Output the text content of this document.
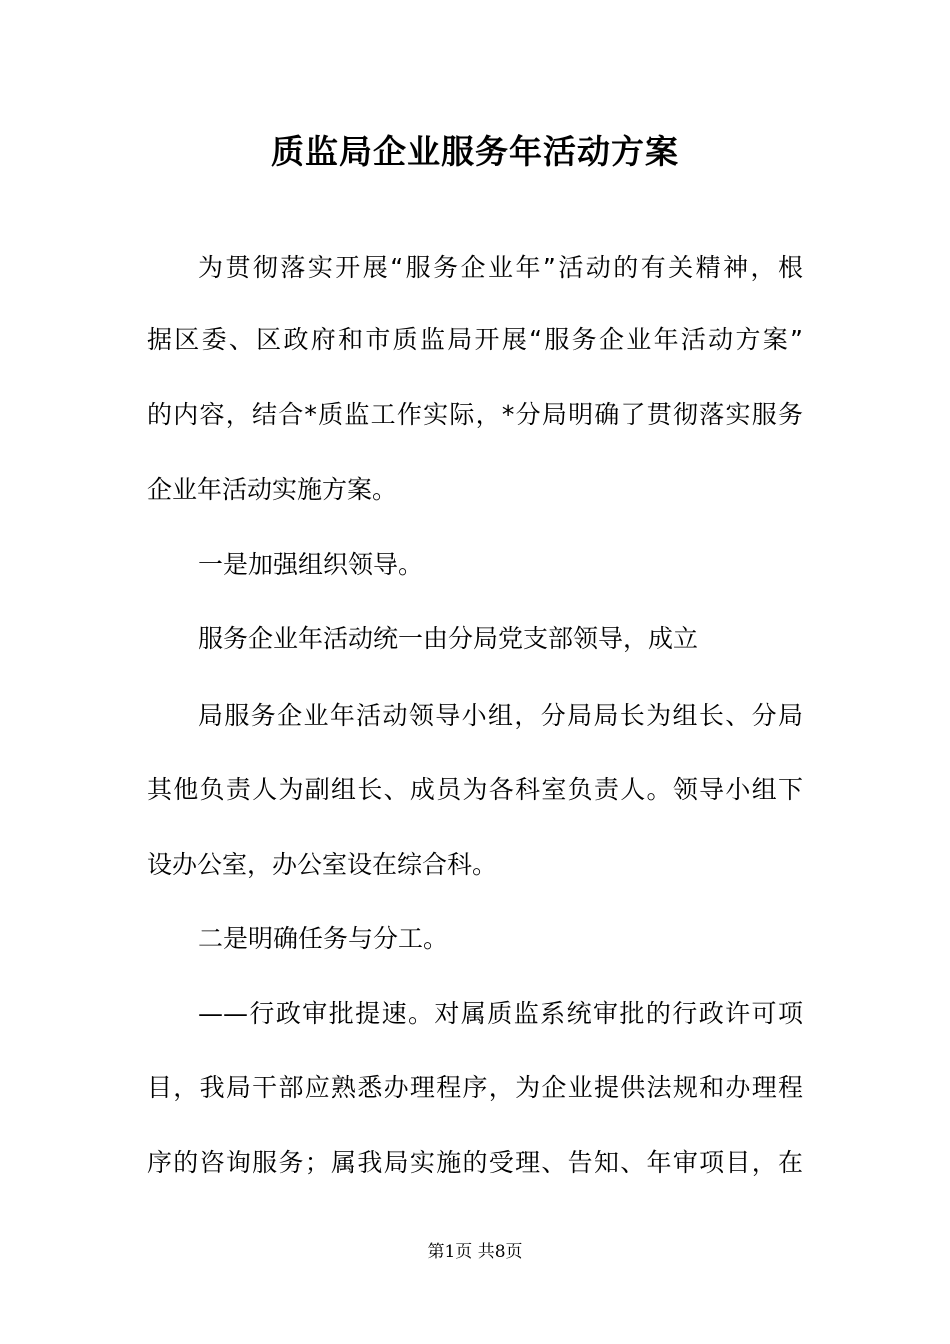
质监局企业服务年活动方案
为贯彻落实开展“服务企业年”活动的有关精神，根
据区委、区政府和市质监局开展“服务企业年活动方案”
的内容，结合*质监工作实际，*分局明确了贯彻落实服务
企业年活动实施方案。
一是加强组织领导。
服务企业年活动统一由分局党支部领导，成立
局服务企业年活动领导小组，分局局长为组长、分局
其他负责人为副组长、成员为各科室负责人。领导小组下
设办公室，办公室设在综合科。
二是明确任务与分工。
——行政审批提速。对属质监系统审批的行政许可项
目，我局干部应熟悉办理程序，为企业提供法规和办理程
序的咨询服务；属我局实施的受理、告知、年审项目，在
第1页 共8页
